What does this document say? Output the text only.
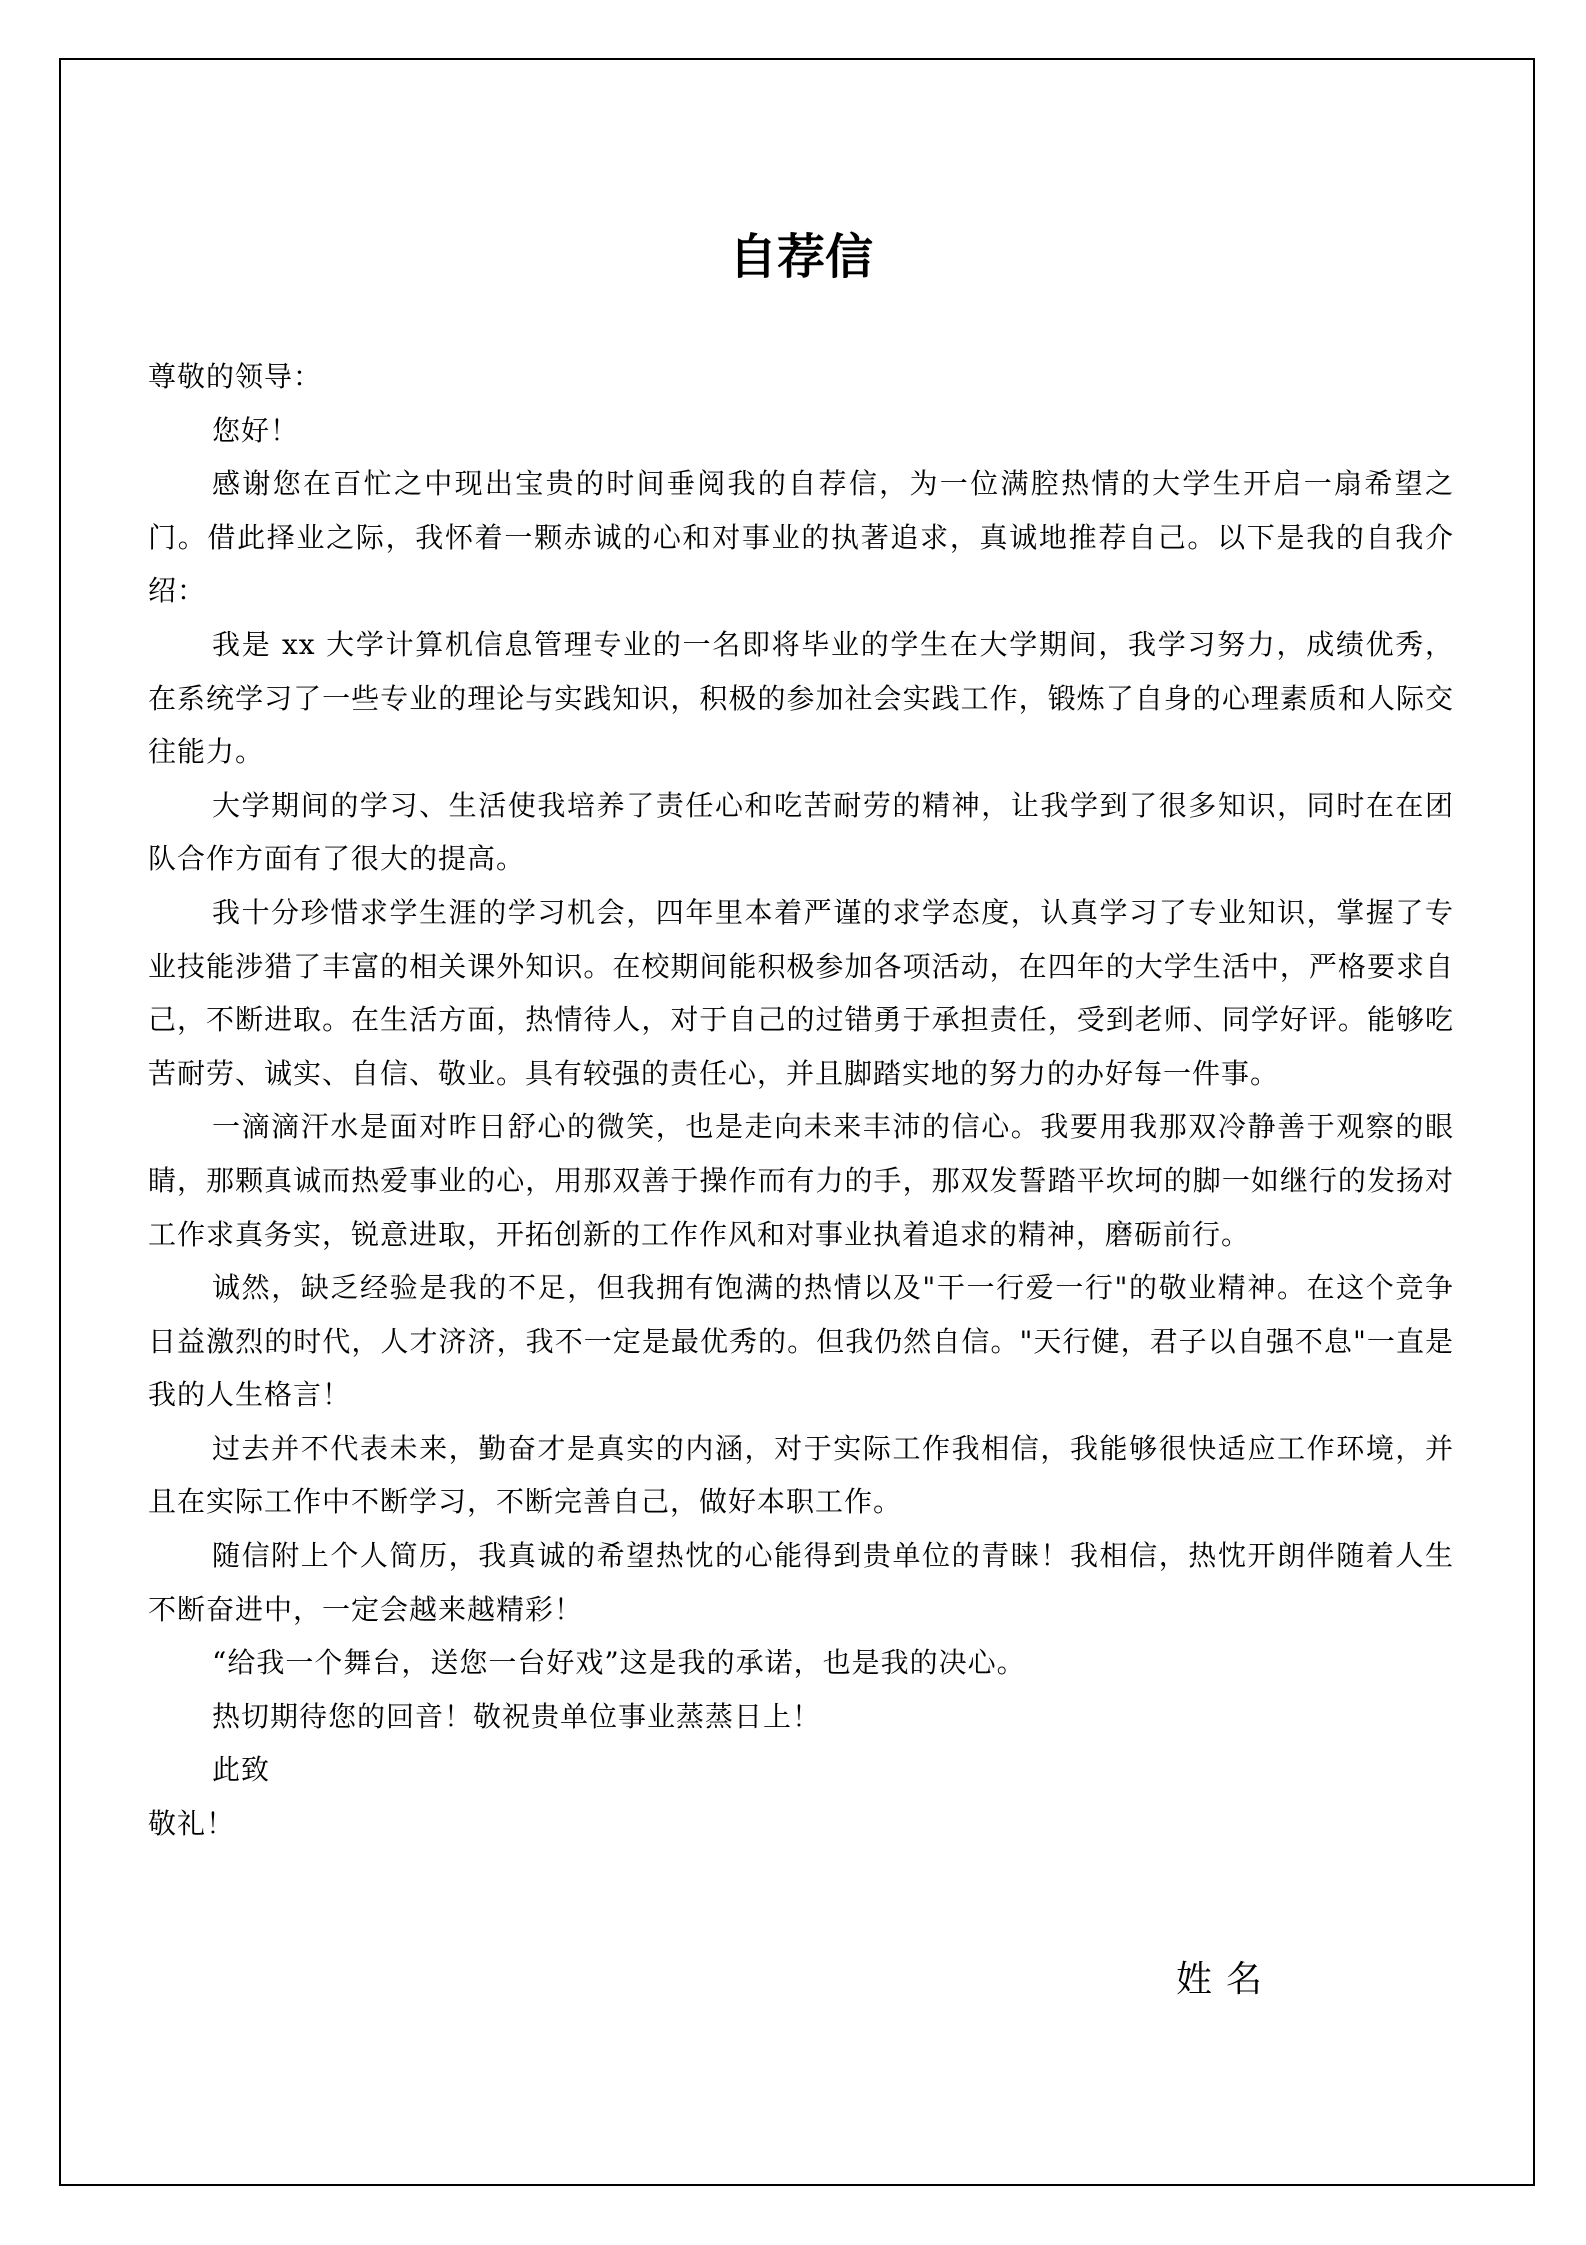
自荐信

尊敬的领导：

您好！

感谢您在百忙之中现出宝贵的时间垂阅我的自荐信，为一位满腔热情的大学生开启一扇希望之门。借此择业之际，我怀着一颗赤诚的心和对事业的执著追求，真诚地推荐自己。以下是我的自我介绍：

我是 xx 大学计算机信息管理专业的一名即将毕业的学生在大学期间，我学习努力，成绩优秀，在系统学习了一些专业的理论与实践知识，积极的参加社会实践工作，锻炼了自身的心理素质和人际交往能力。

大学期间的学习、生活使我培养了责任心和吃苦耐劳的精神，让我学到了很多知识，同时在在团队合作方面有了很大的提高。

我十分珍惜求学生涯的学习机会，四年里本着严谨的求学态度，认真学习了专业知识，掌握了专业技能涉猎了丰富的相关课外知识。在校期间能积极参加各项活动，在四年的大学生活中，严格要求自己，不断进取。在生活方面，热情待人，对于自己的过错勇于承担责任，受到老师、同学好评。能够吃苦耐劳、诚实、自信、敬业。具有较强的责任心，并且脚踏实地的努力的办好每一件事。

一滴滴汗水是面对昨日舒心的微笑，也是走向未来丰沛的信心。我要用我那双冷静善于观察的眼睛，那颗真诚而热爱事业的心，用那双善于操作而有力的手，那双发誓踏平坎坷的脚一如继行的发扬对工作求真务实，锐意进取，开拓创新的工作作风和对事业执着追求的精神，磨砺前行。

诚然，缺乏经验是我的不足，但我拥有饱满的热情以及"干一行爱一行"的敬业精神。在这个竞争日益激烈的时代，人才济济，我不一定是最优秀的。但我仍然自信。"天行健，君子以自强不息"一直是我的人生格言！

过去并不代表未来，勤奋才是真实的内涵，对于实际工作我相信，我能够很快适应工作环境，并且在实际工作中不断学习，不断完善自己，做好本职工作。

随信附上个人简历，我真诚的希望热忱的心能得到贵单位的青睐！我相信，热忱开朗伴随着人生不断奋进中，一定会越来越精彩！

“给我一个舞台，送您一台好戏”这是我的承诺，也是我的决心。

热切期待您的回音！敬祝贵单位事业蒸蒸日上！

此致

敬礼！

姓名
